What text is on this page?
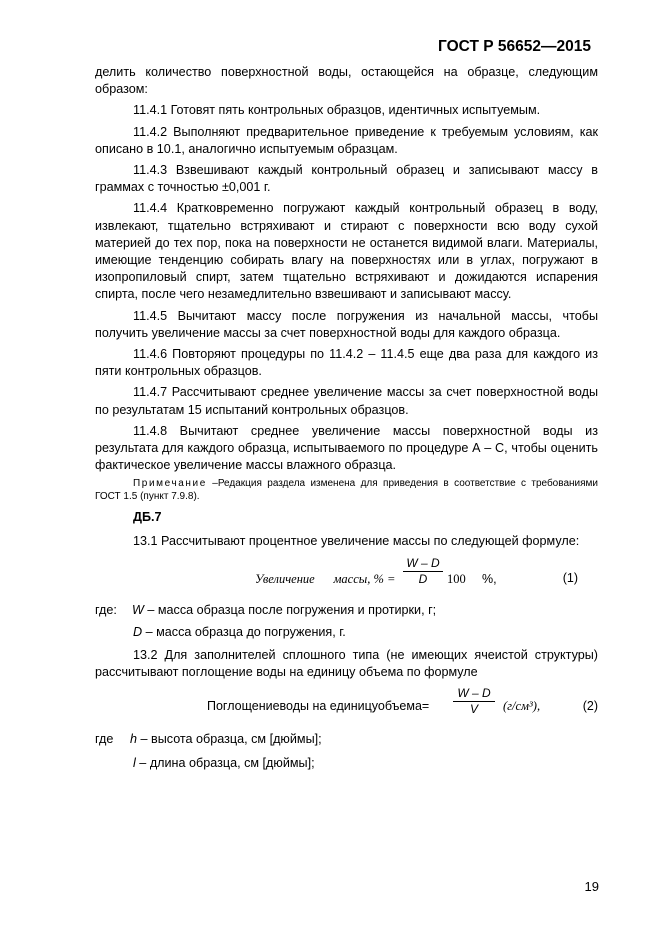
ГОСТ Р 56652—2015

делить количество поверхностной воды, остающейся на образце, следующим образом:

11.4.1 Готовят пять контрольных образцов, идентичных испытуемым.

11.4.2 Выполняют предварительное приведение к требуемым условиям, как описано в 10.1, аналогично испытуемым образцам.

11.4.3 Взвешивают каждый контрольный образец и записывают массу в граммах с точностью ±0,001 г.

11.4.4 Кратковременно погружают каждый контрольный образец в воду, извлекают, тщательно встряхивают и стирают с поверхности всю воду сухой материей до тех пор, пока на поверхности не останется видимой влаги. Материалы, имеющие тенденцию собирать влагу на поверхностях или в углах, погружают в изопропиловый спирт, затем тщательно встряхивают и дожидаются испарения спирта, после чего незамедлительно взвешивают и записывают массу.

11.4.5 Вычитают массу после погружения из начальной массы, чтобы получить увеличение массы за счет поверхностной воды для каждого образца.

11.4.6 Повторяют процедуры по 11.4.2 – 11.4.5 еще два раза для каждого из пяти контрольных образцов.

11.4.7 Рассчитывают среднее увеличение массы за счет поверхностной воды по результатам 15 испытаний контрольных образцов.

11.4.8 Вычитают среднее увеличение массы поверхностной воды из результата для каждого образца, испытываемого по процедуре А – С, чтобы оценить фактическое увеличение массы влажного образца.

Примечание –Редакция раздела изменена для приведения в соответствие с требованиями ГОСТ 1.5 (пункт 7.9.8).

ДБ.7

13.1 Рассчитывают процентное увеличение массы по следующей формуле:

Увеличение      массы, % = $\frac{W - D}{D} 100$ %,	(1)
где: W – масса образца после погружения и протирки, г;
D – масса образца до погружения, г.

13.2 Для заполнителей сплошного типа (не имеющих ячеистой структуры) рассчитывают поглощение воды на единицу объема по формуле

Поглощениеводы на единицуобъема= $\frac{W - D}{V} (г/см^3)$,	(2)
где h – высота образца, см [дюймы];
l – длина образца, см [дюймы];
19
